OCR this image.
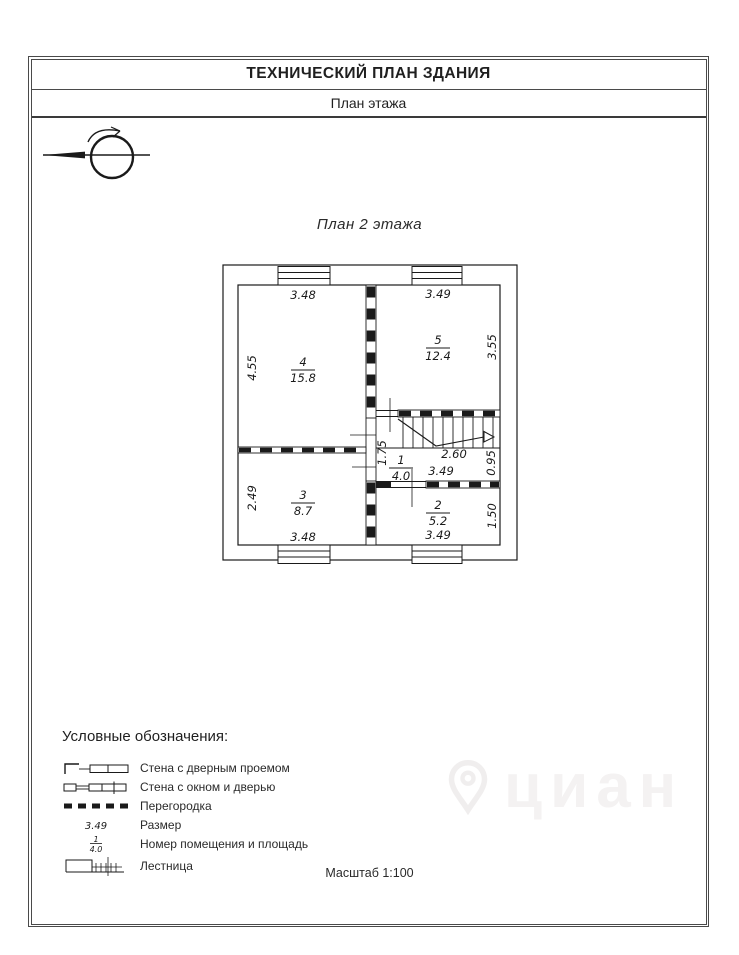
ТЕХНИЧЕСКИЙ ПЛАН ЗДАНИЯ
План этажа
План 2 этажа
4
15.8
5
12.4
3
8.7	2
5.2
1
4.0
3.48	3.49
3.48	3.49
4.55
2.49
3.55
0.95
1.50
1.75	2.60
3.49
циан

Условные обозначения:

Стена с дверным проемом
Стена с окном и дверью
Перегородка
3.49	Размер
1
4.0	Номер помещения и площадь
Лестница	Масштаб 1:100
